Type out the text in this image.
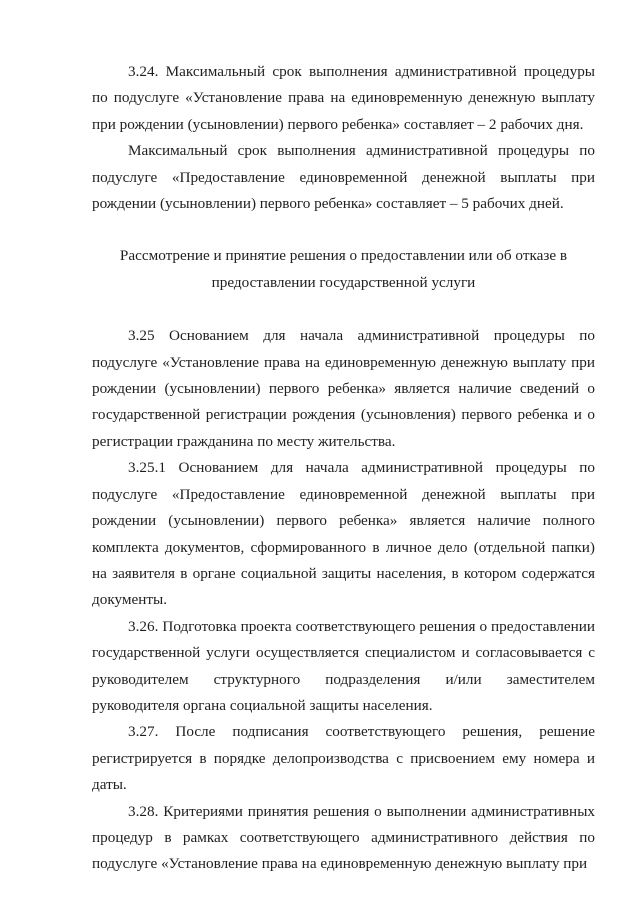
3.24. Максимальный срок выполнения административной процедуры по подуслуге «Установление права на единовременную денежную выплату при рождении (усыновлении) первого ребенка» составляет – 2 рабочих дня.

Максимальный срок выполнения административной процедуры по подуслуге «Предоставление единовременной денежной выплаты при рождении (усыновлении) первого ребенка» составляет – 5 рабочих дней.

Рассмотрение и принятие решения о предоставлении или об отказе в предоставлении государственной услуги

3.25 Основанием для начала административной процедуры по подуслуге «Установление права на единовременную денежную выплату при рождении (усыновлении) первого ребенка» является наличие сведений о государственной регистрации рождения (усыновления) первого ребенка и о регистрации гражданина по месту жительства.

3.25.1 Основанием для начала административной процедуры по подуслуге «Предоставление единовременной денежной выплаты при рождении (усыновлении) первого ребенка» является наличие полного комплекта документов, сформированного в личное дело (отдельной папки) на заявителя в органе социальной защиты населения, в котором содержатся документы.

3.26. Подготовка проекта соответствующего решения о предоставлении государственной услуги осуществляется специалистом и согласовывается с руководителем структурного подразделения и/или заместителем руководителя органа социальной защиты населения.

3.27. После подписания соответствующего решения, решение регистрируется в порядке делопроизводства с присвоением ему номера и даты.

3.28. Критериями принятия решения о выполнении административных процедур в рамках соответствующего административного действия по подуслуге «Установление права на единовременную денежную выплату при
